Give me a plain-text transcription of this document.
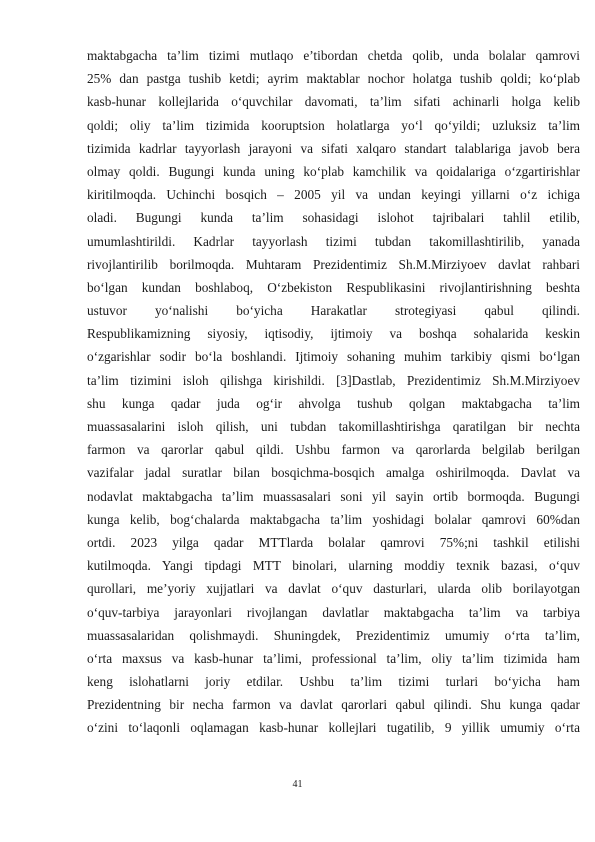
maktabgacha ta’lim tizimi mutlaqo e’tibordan chetda qolib, unda bolalar qamrovi
25% dan pastga tushib ketdi; ayrim maktablar nochor holatga tushib qoldi; ko‘plab
kasb-hunar kollejlarida o‘quvchilar davomati, ta’lim sifati achinarli holga kelib
qoldi; oliy ta’lim tizimida kooruptsion holatlarga yo‘l qo‘yildi; uzluksiz ta’lim
tizimida kadrlar tayyorlash jarayoni va sifati xalqaro standart talablariga javob bera
olmay qoldi. Bugungi kunda uning ko‘plab kamchilik va qoidalariga o‘zgartirishlar
kiritilmoqda. Uchinchi bosqich – 2005 yil va undan keyingi yillarni o‘z ichiga
oladi. Bugungi kunda ta’lim sohasidagi islohot tajribalari tahlil etilib,
umumlashtirildi. Kadrlar tayyorlash tizimi tubdan takomillashtirilib, yanada
rivojlantirilib borilmoqda. Muhtaram Prezidentimiz Sh.M.Mirziyoev davlat rahbari
bo‘lgan kundan boshlaboq, O‘zbekiston Respublikasini rivojlantirishning beshta
ustuvor yo‘nalishi bo‘yicha Harakatlar strotegiyasi qabul qilindi.
Respublikamizning siyosiy, iqtisodiy, ijtimoiy va boshqa sohalarida keskin
o‘zgarishlar sodir bo‘la boshlandi. Ijtimoiy sohaning muhim tarkibiy qismi bo‘lgan
ta’lim tizimini isloh qilishga kirishildi. [3]Dastlab, Prezidentimiz Sh.M.Mirziyoev
shu kunga qadar juda og‘ir ahvolga tushub qolgan maktabgacha ta’lim
muassasalarini isloh qilish, uni tubdan takomillashtirishga qaratilgan bir nechta
farmon va qarorlar qabul qildi. Ushbu farmon va qarorlarda belgilab berilgan
vazifalar jadal suratlar bilan bosqichma-bosqich amalga oshirilmoqda. Davlat va
nodavlat maktabgacha ta’lim muassasalari soni yil sayin ortib bormoqda. Bugungi
kunga kelib, bog‘chalarda maktabgacha ta’lim yoshidagi bolalar qamrovi 60%dan
ortdi. 2023 yilga qadar MTTlarda bolalar qamrovi 75%;ni tashkil etilishi
kutilmoqda. Yangi tipdagi MTT binolari, ularning moddiy texnik bazasi, o‘quv
qurollari, me’yoriy xujjatlari va davlat o‘quv dasturlari, ularda olib borilayotgan
o‘quv-tarbiya jarayonlari rivojlangan davlatlar maktabgacha ta’lim va tarbiya
muassasalaridan qolishmaydi. Shuningdek, Prezidentimiz umumiy o‘rta ta’lim,
o‘rta maxsus va kasb-hunar ta’limi, professional ta’lim, oliy ta’lim tizimida ham
keng islohatlarni joriy etdilar. Ushbu ta’lim tizimi turlari bo‘yicha ham
Prezidentning bir necha farmon va davlat qarorlari qabul qilindi. Shu kunga qadar
o‘zini to‘laqonli oqlamagan kasb-hunar kollejlari tugatilib, 9 yillik umumiy o‘rta
41
